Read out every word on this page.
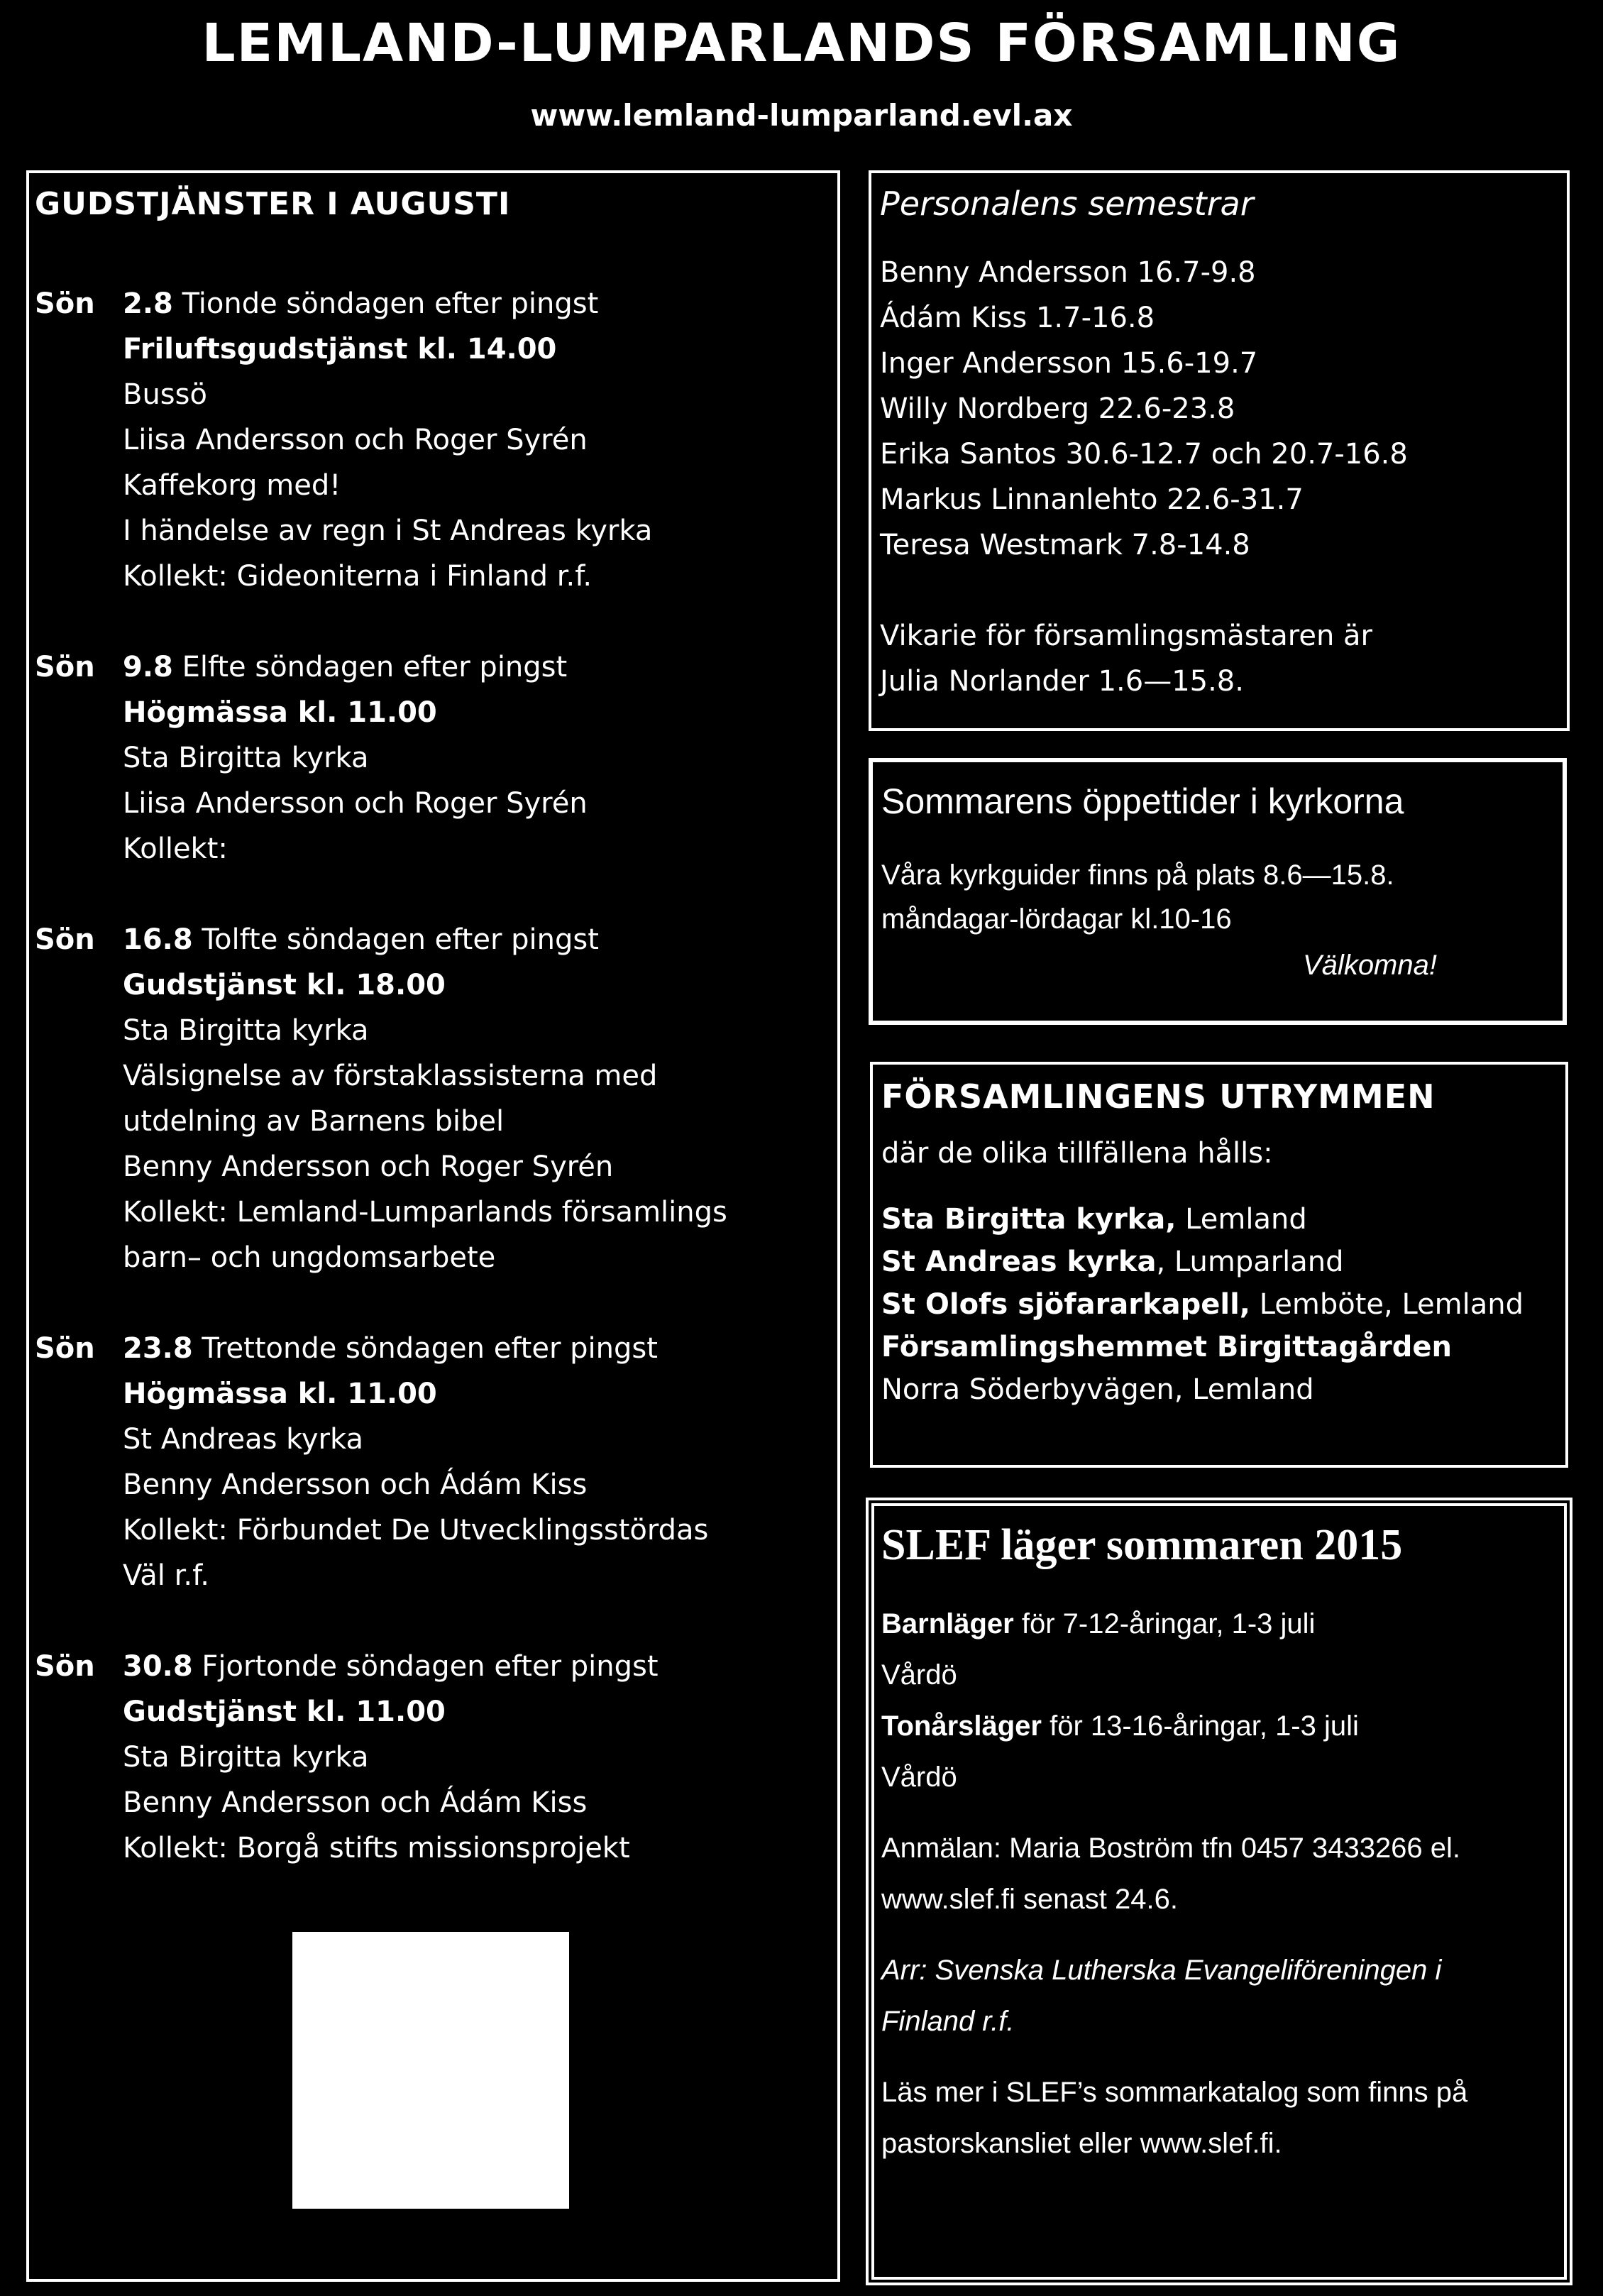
LEMLAND-LUMPARLANDS FÖRSAMLING
www.lemland-lumparland.evl.ax
GUDSTJÄNSTER I AUGUSTI
Sön 2.8 Tionde söndagen efter pingst
Friluftsgudstjänst kl. 14.00
Bussö
Liisa Andersson och Roger Syrén
Kaffekorg med!
I händelse av regn i St Andreas kyrka
Kollekt: Gideoniterna i Finland r.f.
Sön 9.8 Elfte söndagen efter pingst
Högmässa kl. 11.00
Sta Birgitta kyrka
Liisa Andersson och Roger Syrén
Kollekt:
Sön 16.8 Tolfte söndagen efter pingst
Gudstjänst kl. 18.00
Sta Birgitta kyrka
Välsignelse av förstaklassisterna med
utdelning av Barnens bibel
Benny Andersson och Roger Syrén
Kollekt: Lemland-Lumparlands församlings
barn– och ungdomsarbete
Sön 23.8 Trettonde söndagen efter pingst
Högmässa kl. 11.00
St Andreas kyrka
Benny Andersson och Ádám Kiss
Kollekt: Förbundet De Utvecklingsstördas
Väl r.f.
Sön 30.8 Fjortonde söndagen efter pingst
Gudstjänst kl. 11.00
Sta Birgitta kyrka
Benny Andersson och Ádám Kiss
Kollekt: Borgå stifts missionsprojekt
Personalens semestrar
Benny Andersson 16.7-9.8
Ádám Kiss 1.7-16.8
Inger Andersson 15.6-19.7
Willy Nordberg 22.6-23.8
Erika Santos 30.6-12.7 och 20.7-16.8
Markus Linnanlehto 22.6-31.7
Teresa Westmark 7.8-14.8
Vikarie för församlingsmästaren är
Julia Norlander 1.6—15.8.
Sommarens öppettider i kyrkorna
Våra kyrkguider finns på plats 8.6—15.8.
måndagar-lördagar kl.10-16
Välkomna!
FÖRSAMLINGENS UTRYMMEN
där de olika tillfällena hålls:
Sta Birgitta kyrka, Lemland
St Andreas kyrka, Lumparland
St Olofs sjöfararkapell, Lemböte, Lemland
Församlingshemmet Birgittagården
Norra Söderbyvägen, Lemland
SLEF läger sommaren 2015
Barnläger för 7-12-åringar, 1-3 juli
Vårdö
Tonårsläger för 13-16-åringar, 1-3 juli
Vårdö
Anmälan: Maria Boström tfn 0457 3433266 el.
www.slef.fi senast 24.6.
Arr: Svenska Lutherska Evangeliföreningen i
Finland r.f.
Läs mer i SLEF’s sommarkatalog som finns på
pastorskansliet eller www.slef.fi.
